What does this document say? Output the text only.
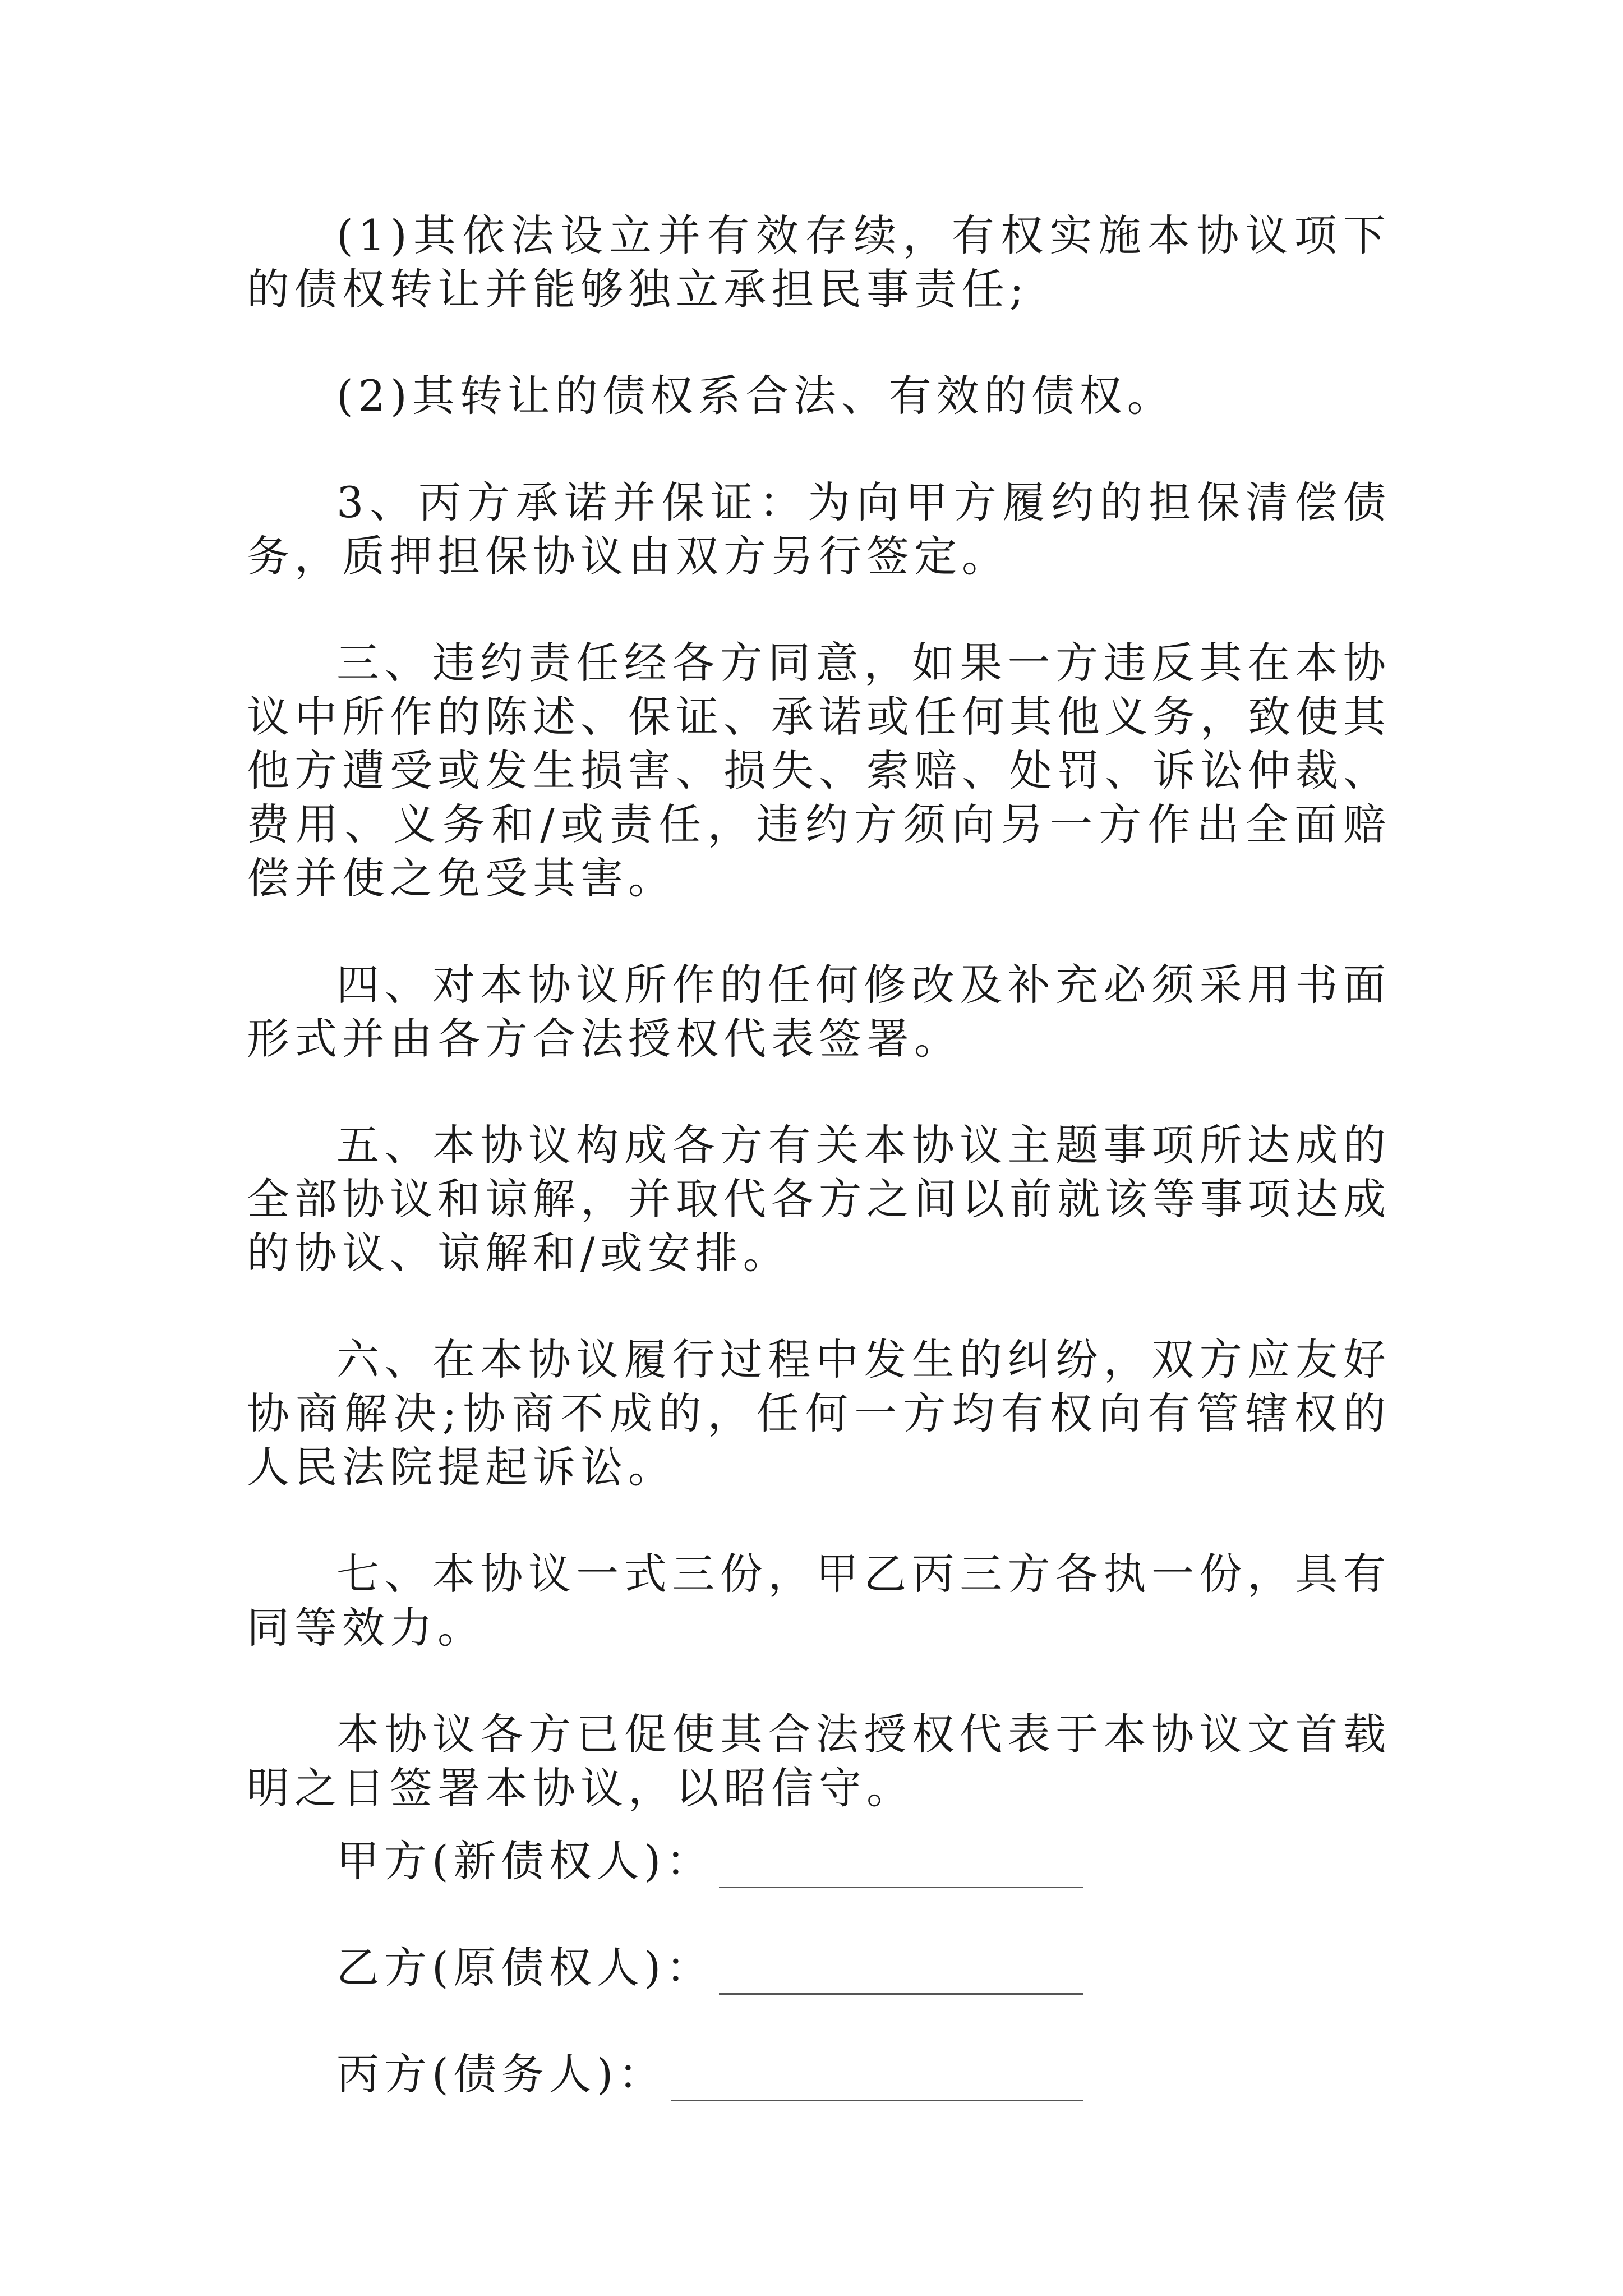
(1)其依法设立并有效存续，有权实施本协议项下的债权转让并能够独立承担民事责任;

(2)其转让的债权系合法、有效的债权。

3、丙方承诺并保证：为向甲方履约的担保清偿债务，质押担保协议由双方另行签定。

三、违约责任经各方同意，如果一方违反其在本协议中所作的陈述、保证、承诺或任何其他义务，致使其他方遭受或发生损害、损失、索赔、处罚、诉讼仲裁、费用、义务和/或责任，违约方须向另一方作出全面赔偿并使之免受其害。

四、对本协议所作的任何修改及补充必须采用书面形式并由各方合法授权代表签署。

五、本协议构成各方有关本协议主题事项所达成的全部协议和谅解，并取代各方之间以前就该等事项达成的协议、谅解和/或安排。

六、在本协议履行过程中发生的纠纷，双方应友好协商解决;协商不成的，任何一方均有权向有管辖权的人民法院提起诉讼。

七、本协议一式三份，甲乙丙三方各执一份，具有同等效力。

本协议各方已促使其合法授权代表于本协议文首载明之日签署本协议，以昭信守。

甲方(新债权人)：
乙方(原债权人)：
丙方(债务人)：
